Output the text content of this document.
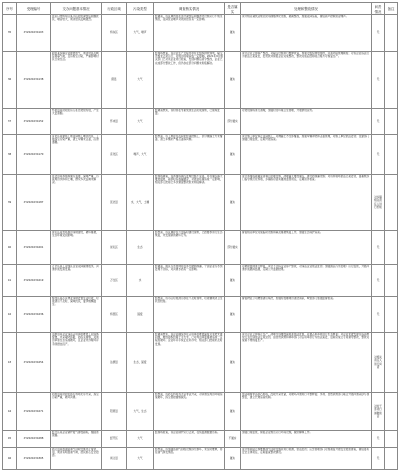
序号	受理编号	交办问题基本情况	行政区域	污染类型	调查核实情况	是否属实	处理和整改情况	问责情况	备注
35	XY2021034103	张家口市桥东区某小区附近餐饮店油烟扰民，噪音较大，周边居民反映强烈。	桥东区	大气，噪声	经调查，该区域内存在部分餐饮店油烟净化设施运行不规范情况，夜间营业噪声对周边居民有一定影响。	属实	责令相关餐饮店规范使用油烟净化设施，限期整改，加强夜间巡查，督促商户控制营业噪声。	无	
36	XY2021034138	蔚县某乡镇企业排放废气，周边村民反映有刺鼻气味，且有粉尘污染，严重影响村民日常生活。	蔚县	大气	经现场核查，该企业生产过程中存在无组织排放现象，除尘设施未正常运行，对周边环境造成一定影响。2021年9月相关部门已对该企业进行检查，发现问题后责令整改，企业已完成部分整改工作，但仍存在部分问题未彻底解决。	属实	责令企业立即停产整改，对除尘设施进行维修改造，加强无组织排放管控，完善环保管理制度；对该企业违法行为依法立案查处，处罚款并督促企业完成整改，整改完成后经验收合格方可恢复生产。	无	
37	XY2021034152	怀来县某村附近有人私自焚烧垃圾，产生大量黑烟。	怀来县	大气	经调查核实，该村存在零星焚烧生活垃圾现象，已现场处置。	部分属实	对焚烧现场进行清理，加强村庄环境卫生管理，开展禁烧宣传。	无	
38	XY2021034170	宣化区某建筑工地夜间施工噪声扰民，工地扬尘污染严重，渣土车辆未苫盖，沿途遗撒。	宣化区	噪声，大气	经核查，该工地存在夜间未经审批施工、部分裸露土方未覆盖、渣土车辆未严格苫盖等问题。	属实	责令施工单位停止夜间施工，对裸露土方全部覆盖，加强车辆冲洗和苫盖管理，对施工单位依法处罚；住建部门加强日常监管，定期开展巡查。	无	
39	XY2021034187	张北县某养殖场粪污直排，臭味严重，污染周边水体和土壤，群众多次反映未解决。	张北县	水，大气，土壤	经现场调查，该养殖场粪污处理设施不完善，存在粪污露天堆放现象，雨季时有渗漏情况，对周边环境造成一定影响，相关部门此前已多次督促整改但未彻底解决。	属实	责令养殖场限期完善粪污处理设施，清理露天堆放粪污，建设防渗漏设施；对该养殖场依法立案处罚，由畜牧部门指导规范化养殖，乡镇政府落实属地监管责任，定期回访检查。	对乡镇相关责任人进行约谈	
40	XY2021034201	崇礼区某雪场周边违规建设，破坏植被，生态环境受到影响。	崇礼区	生态	经核查，该区域存在少量临时建设现象，已按要求进行生态恢复，未发现新的破坏行为。	部分属实	督促相关单位完成临时设施拆除及植被恢复工作，加强生态保护巡查。	无	
41	XY2021034219	万全区某工业园区企业夜间偷排废水，河道水质发黑发臭。	万全区	水	经调查，园区污水管网存在部分破损渗漏，个别企业污水预处理不达标，对河道水质有一定影响。	属实	对破损管网进行修复，责令不达标企业停产整改，对违法企业依法处罚；加强园区污水处理厂运行监管，开展河道水质跟踪监测，定期公开监测结果。	无	
42	XY2021034236	桥西区某小区物业违规处置生活垃圾，垃圾清运不及时，臭味扰民，夏季蚊蝇滋生。	桥西区	固废	经核查，该小区垃圾清运存在不及时现象，垃圾桶周边卫生状况较差。	属实	督促物业公司增加清运频次，加强垃圾桶周边清洁消杀，城管部门加强监督检查。	无	
43	XY2021034254	沽源县某企业违法占用草原堆放工业固体废物，未采取防扬散、防流失措施，对周边草原生态造成破坏，且企业未办理环评手续擅自投产。	沽源县	生态，固废	经调查核实，该企业确实存在占用草原堆放固废及未批先建问题，堆放面积约两千平方米，已对周边草原植被造成一定程度破坏；企业环评手续正在补办中，相关部门此前未及时发现。	属实	责令企业立即停止生产，清理全部堆放固废并依法处置，对被占用草原进行生态修复；对企业未批先建及违法堆放行为分别依法立案处罚，由自然资源和林草部门对占用草原行为依法查处，县政府成立专班督导整改，整改完成前不得恢复生产。	对相关责任人进行问责	
44	XY2021034271	阳原县某村附近砂石料场无序开采，扬尘污染严重，破坏河道。	阳原县	大气，生态	经核查，该砂石料场为无证非法开采，对河道及周边环境造成破坏，扬尘管控措施缺失。	属实	依法取缔非法砂石料场，没收开采设备，对破坏河道进行平整修复；水利、自然资源部门联合开展河道采砂专项整治，建立长效巡查机制。	对村干部进行诫勉谈话	
45	XY2021034288	经开区某企业锅炉废气排放超标，烟囱冒黑烟。	经开区	大气	经现场检查，该企业锅炉运行正常，在线监测数据达标。	不属实	加强日常监管，督促企业规范运行环保设施，做好解释工作。	无	
46	XY2021034305	尚义县某加油站油气回收设施未正常使用，周边有明显油气味，居民担心安全隐患。	尚义县	大气	经核查，该加油站油气回收设施部分损坏，未及时维修，存在油气挥发情况。	属实	责令加油站立即维修油气回收设施并进行检测，依法处罚；应急管理部门对加油站开展安全隐患排查，督促落实安全主体责任，定期复查整改情况。	无	
